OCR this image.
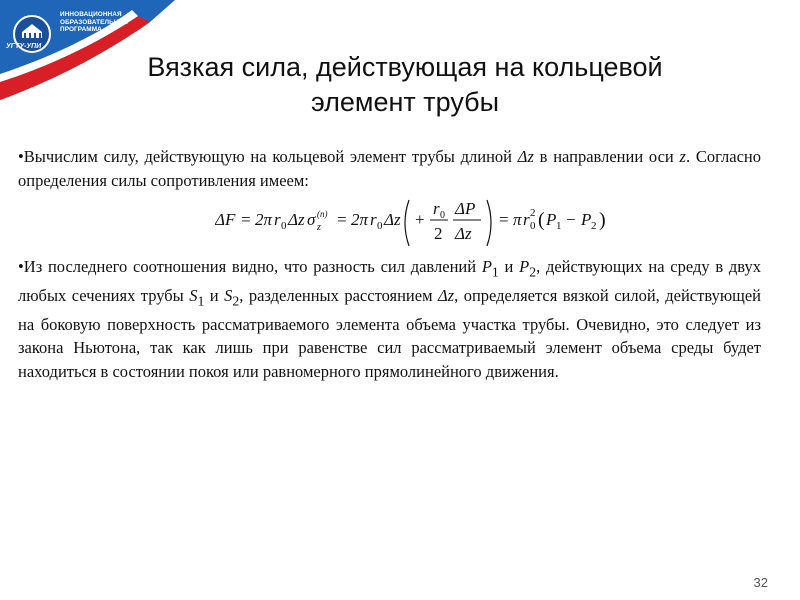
ИННОВАЦИОННАЯ
ОБРАЗОВАТЕЛЬНАЯ
ПРОГРАММА
УГТУ-УПИ
Вязкая сила, действующая на кольцевой
элемент трубы
•Вычислим силу, действующую на кольцевой элемент трубы длиной Δz в направлении оси z. Согласно определения силы сопротивления имеем:
ΔF = 2π r 0 Δz σ z
(n) = 2π r 0 Δz +
r 0
2
ΔP
Δz
= π r 0
2 ( P 1 − P 2 )
•Из последнего соотношения видно, что разность сил давлений $P_1$ и $P_2$, действующих на среду в двух любых сечениях трубы $S_1$ и $S_2$, разделенных расстоянием Δz, определяется вязкой силой, действующей на боковую поверхность рассматриваемого элемента объема участка трубы. Очевидно, это следует из закона Ньютона, так как лишь при равенстве сил рассматриваемый элемент объема среды будет находиться в состоянии покоя или равномерного прямолинейного движения.
32
